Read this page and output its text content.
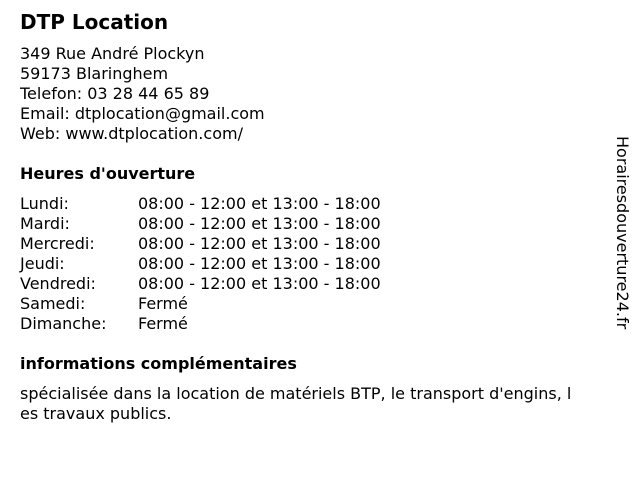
DTP Location
349 Rue André Plockyn
59173 Blaringhem
Telefon: 03 28 44 65 89
Email: dtplocation@gmail.com
Web: www.dtplocation.com/
Heures d'ouverture
Lundi:	08:00 - 12:00 et 13:00 - 18:00
Mardi:	08:00 - 12:00 et 13:00 - 18:00
Mercredi:	08:00 - 12:00 et 13:00 - 18:00
Jeudi:	08:00 - 12:00 et 13:00 - 18:00
Vendredi:	08:00 - 12:00 et 13:00 - 18:00
Samedi:	Fermé
Dimanche:	Fermé
informations complémentaires
spécialisée dans la location de matériels BTP, le transport d'engins, les travaux publics.
Horairesdouverture24.fr
